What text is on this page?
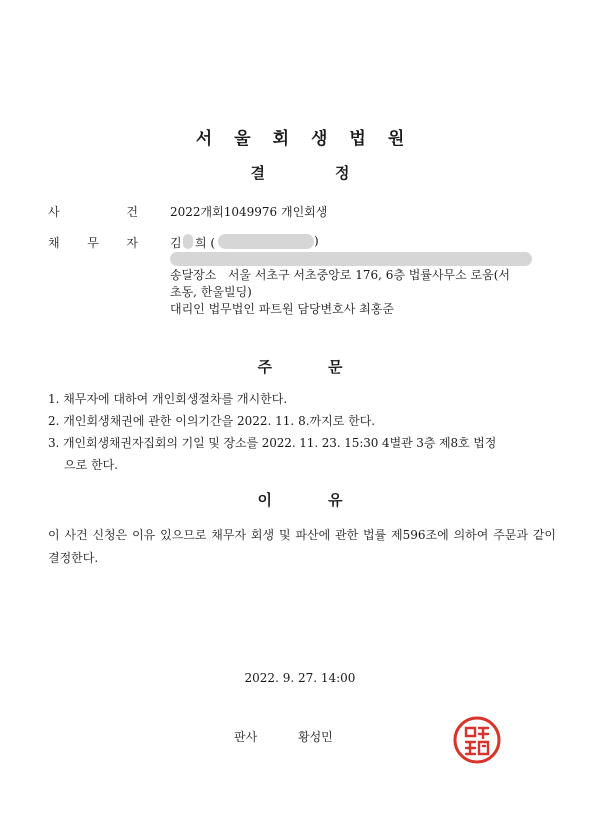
서울회생법원
결정
사	건	2022개회1049976 개인회생
채 무 자	김 희 (	)
송달장소 서울 서초구 서초중앙로 176, 6층 법률사무소 로움(서
초동, 한울빌딩)
대리인 법무법인 파트원 담당변호사 최홍준
주문
1. 채무자에 대하여 개인회생절차를 개시한다.
2. 개인회생채권에 관한 이의기간을 2022. 11. 8.까지로 한다.
3. 개인회생채권자집회의 기일 및 장소를 2022. 11. 23. 15:30 4별관 3층 제8호 법정
으로 한다.
이유
이 사건 신청은 이유 있으므로 채무자 회생 및 파산에 관한 법률 제596조에 의하여 주문과 같이 결정한다.
2022. 9. 27. 14:00
판사	황성민
